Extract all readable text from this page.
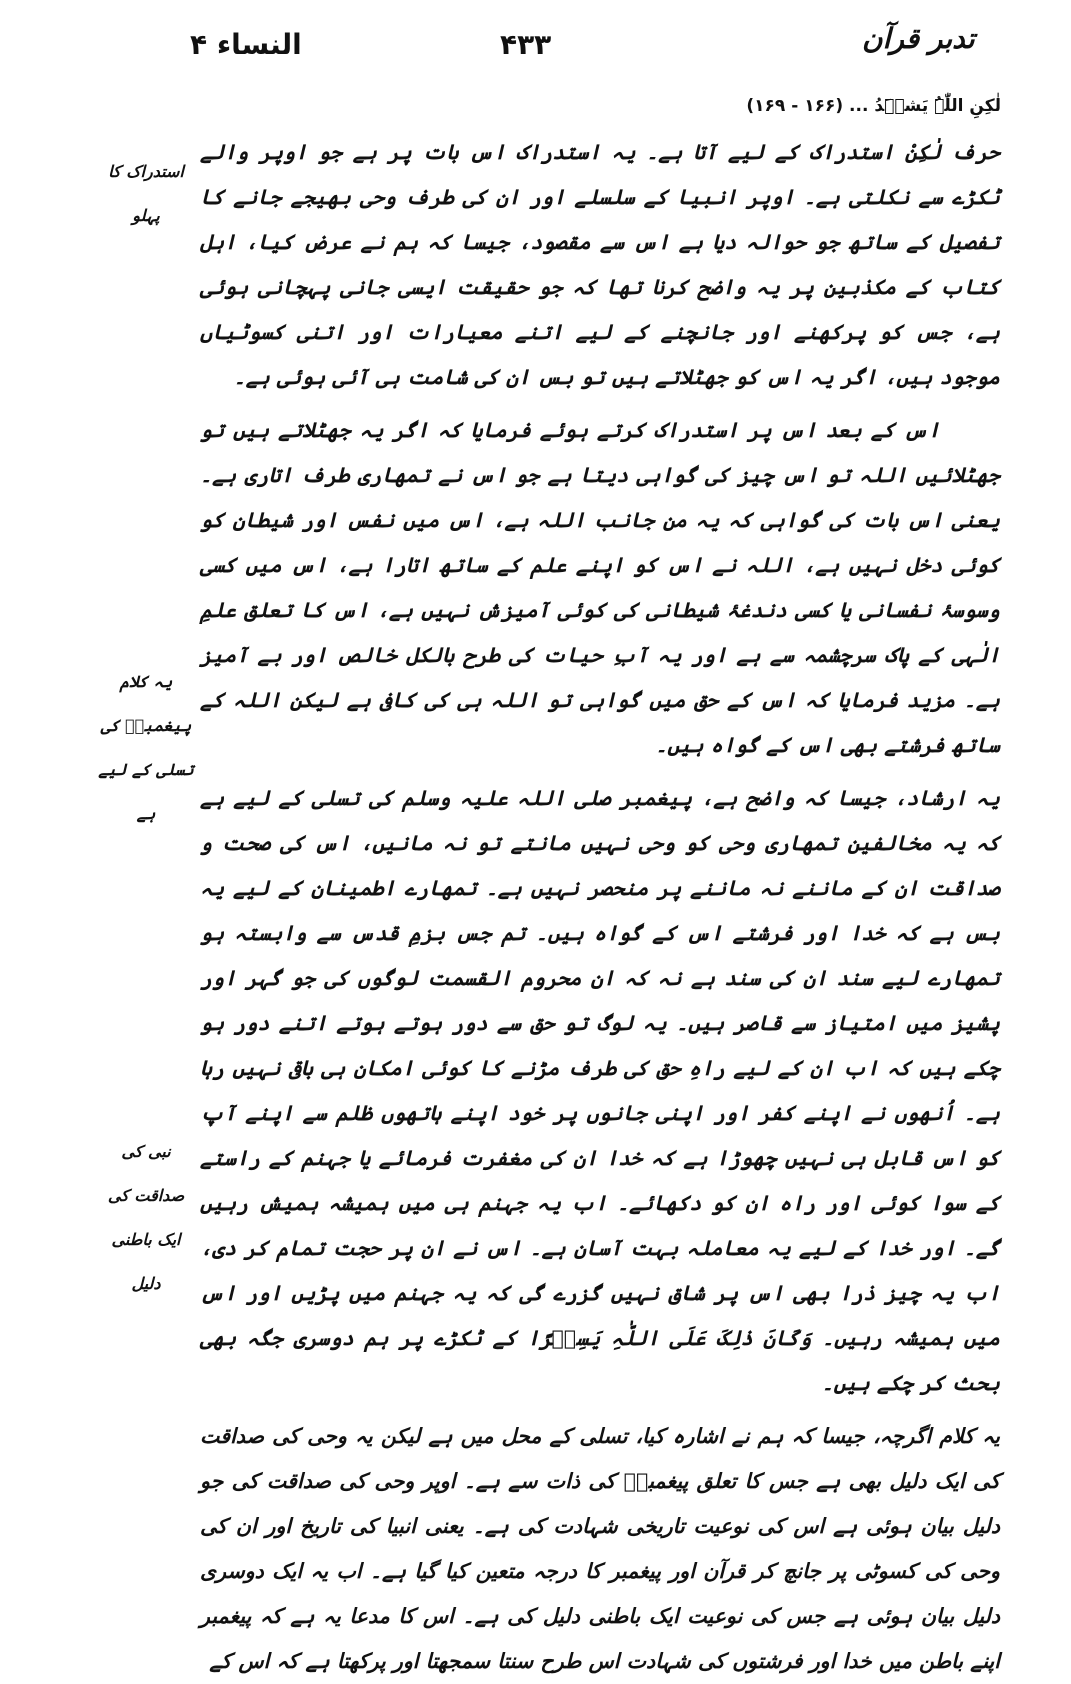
النساء ۴	۴۳۳	تدبر قرآن
لٰکِنِ اللّٰہُ یَشۡہَدُ ... (۱۶۶ - ۱۶۹)
استدراک کا پہلو
یہ کلام پیغمبرؐ کی تسلی کے لیے ہے
نبی کی صداقت کی ایک باطنی دلیل

حرف لٰکِنْ استدراک کے لیے آتا ہے۔ یہ استدراک اس بات پر ہے جو اوپر والے ٹکڑے سے نکلتی ہے۔ اوپر انبیا کے سلسلے اور ان کی طرف وحی بھیجے جانے کا تفصیل کے ساتھ جو حوالہ دیا ہے اس سے مقصود، جیسا کہ ہم نے عرض کیا، اہل کتاب کے مکذبین پر یہ واضح کرنا تھا کہ جو حقیقت ایسی جانی پہچانی ہوئی ہے، جس کو پرکھنے اور جانچنے کے لیے اتنے معیارات اور اتنی کسوٹیاں موجود ہیں، اگر یہ اس کو جھٹلاتے ہیں تو بس ان کی شامت ہی آئی ہوئی ہے۔

اس کے بعد اس پر استدراک کرتے ہوئے فرمایا کہ اگر یہ جھٹلاتے ہیں تو جھٹلائیں اللہ تو اس چیز کی گواہی دیتا ہے جو اس نے تمھاری طرف اتاری ہے۔ یعنی اس بات کی گواہی کہ یہ من جانب اللہ ہے، اس میں نفس اور شیطان کو کوئی دخل نہیں ہے، اللہ نے اس کو اپنے علم کے ساتھ اتارا ہے، اس میں کسی وسوسۂ نفسانی یا کسی دندغۂ شیطانی کی کوئی آمیزش نہیں ہے، اس کا تعلق علمِ الٰہی کے پاک سرچشمہ سے ہے اور یہ آبِ حیات کی طرح بالکل خالص اور بے آمیز ہے۔ مزید فرمایا کہ اس کے حق میں گواہی تو اللہ ہی کی کافی ہے لیکن اللہ کے ساتھ فرشتے بھی اس کے گواہ ہیں۔

یہ ارشاد، جیسا کہ واضح ہے، پیغمبر صلی اللہ علیہ وسلم کی تسلی کے لیے ہے کہ یہ مخالفین تمھاری وحی کو وحی نہیں مانتے تو نہ مانیں، اس کی صحت و صداقت ان کے ماننے نہ ماننے پر منحصر نہیں ہے۔ تمھارے اطمینان کے لیے یہ بس ہے کہ خدا اور فرشتے اس کے گواہ ہیں۔ تم جس بزمِ قدس سے وابستہ ہو تمھارے لیے سند ان کی سند ہے نہ کہ ان محروم القسمت لوگوں کی جو گہر اور پشیز میں امتیاز سے قاصر ہیں۔ یہ لوگ تو حق سے دور ہوتے ہوتے اتنے دور ہو چکے ہیں کہ اب ان کے لیے راہِ حق کی طرف مڑنے کا کوئی امکان ہی باقی نہیں رہا ہے۔ اُنھوں نے اپنے کفر اور اپنی جانوں پر خود اپنے ہاتھوں ظلم سے اپنے آپ کو اس قابل ہی نہیں چھوڑا ہے کہ خدا ان کی مغفرت فرمائے یا جہنم کے راستے کے سوا کوئی اور راہ ان کو دکھائے۔ اب یہ جہنم ہی میں ہمیشہ ہمیش رہیں گے۔ اور خدا کے لیے یہ معاملہ بہت آسان ہے۔ اس نے ان پر حجت تمام کر دی، اب یہ چیز ذرا بھی اس پر شاق نہیں گزرے گی کہ یہ جہنم میں پڑیں اور اس میں ہمیشہ رہیں۔ وَکَانَ ذٰلِکَ عَلَی اللّٰہِ یَسِیۡرًا کے ٹکڑے پر ہم دوسری جگہ بھی بحث کر چکے ہیں۔

یہ کلام اگرچہ، جیسا کہ ہم نے اشارہ کیا، تسلی کے محل میں ہے لیکن یہ وحی کی صداقت کی ایک دلیل بھی ہے جس کا تعلق پیغمبرؐ کی ذات سے ہے۔ اوپر وحی کی صداقت کی جو دلیل بیان ہوئی ہے اس کی نوعیت تاریخی شہادت کی ہے۔ یعنی انبیا کی تاریخ اور ان کی وحی کی کسوٹی پر جانچ کر قرآن اور پیغمبر کا درجہ متعین کیا گیا ہے۔ اب یہ ایک دوسری دلیل بیان ہوئی ہے جس کی نوعیت ایک باطنی دلیل کی ہے۔ اس کا مدعا یہ ہے کہ پیغمبر اپنے باطن میں خدا اور فرشتوں کی شہادت اس طرح سنتا سمجھتا اور پرکھتا ہے کہ اس کے
